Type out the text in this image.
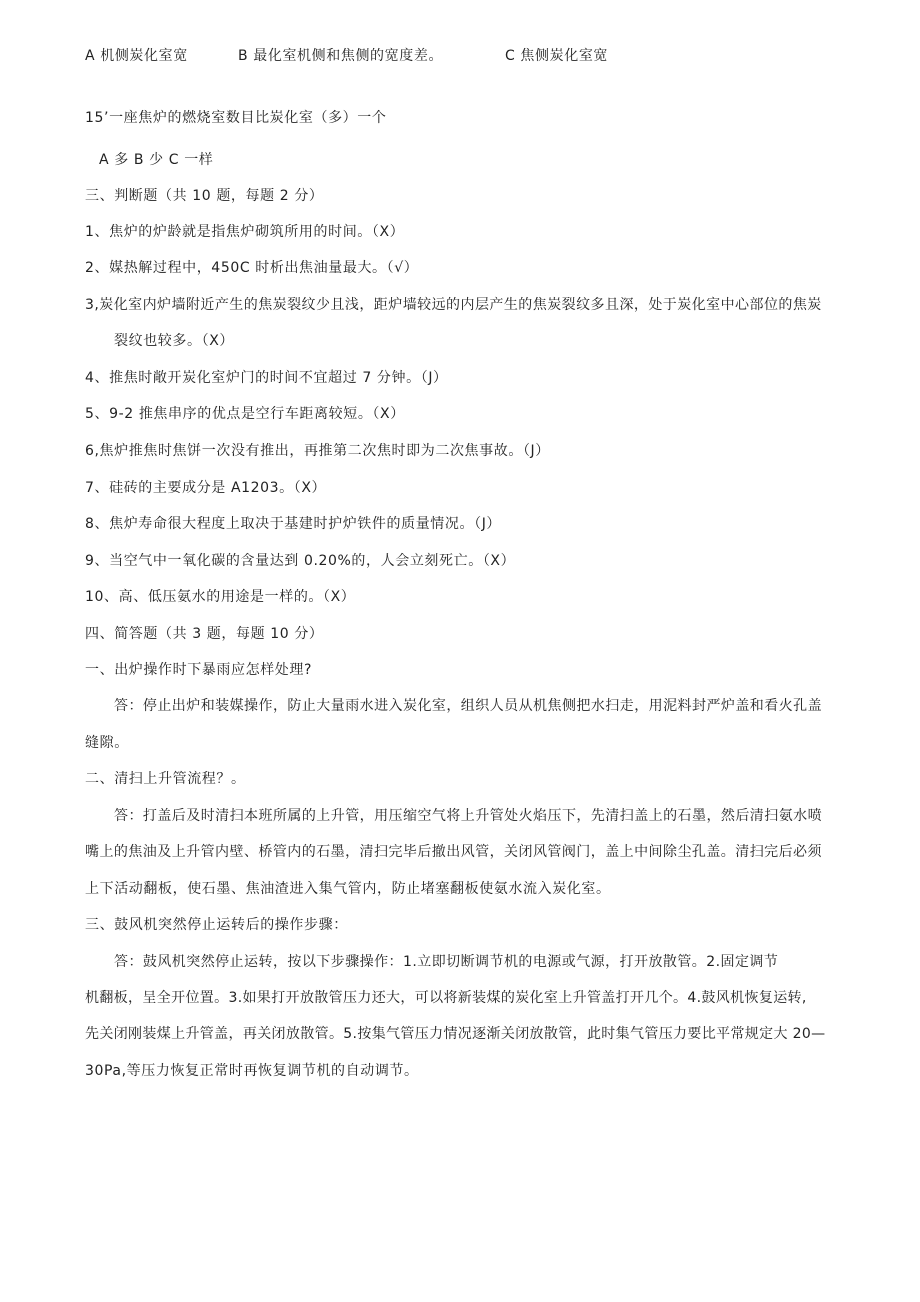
A 机侧炭化室宽	B 最化室机侧和焦侧的宽度差。	C 焦侧炭化室宽
15’一座焦炉的燃烧室数目比炭化室（多）一个
A 多 B 少 C 一样
三、判断题（共 10 题，每题 2 分）
1、焦炉的炉龄就是指焦炉砌筑所用的时间。（X）
2、媒热解过程中，450C 时析出焦油量最大。（√）
3,炭化室内炉墙附近产生的焦炭裂纹少且浅，距炉墙较远的内层产生的焦炭裂纹多且深，处于炭化室中心部位的焦炭
裂纹也较多。（X）
4、推焦时敞开炭化室炉门的时间不宜超过 7 分钟。（J）
5、9-2 推焦串序的优点是空行车距离较短。（X）
6,焦炉推焦时焦饼一次没有推出，再推第二次焦时即为二次焦事故。（J）
7、硅砖的主要成分是 A1203。（X）
8、焦炉寿命很大程度上取决于基建时护炉铁件的质量情况。（J）
9、当空气中一氧化碳的含量达到 0.20%的，人会立刻死亡。（X）
10、高、低压氨水的用途是一样的。（X）
四、简答题（共 3 题，每题 10 分）
一、出炉操作时下暴雨应怎样处理?
答：停止出炉和装媒操作，防止大量雨水进入炭化室，组织人员从机焦侧把水扫走，用泥料封严炉盖和看火孔盖
缝隙。
二、清扫上升管流程？。
答：打盖后及时清扫本班所属的上升管，用压缩空气将上升管处火焰压下，先清扫盖上的石墨，然后清扫氨水喷
嘴上的焦油及上升管内壁、桥管内的石墨，清扫完毕后撤出风管，关闭风管阀门，盖上中间除尘孔盖。清扫完后必须
上下活动翻板，使石墨、焦油渣进入集气管内，防止堵塞翻板使氨水流入炭化室。
三、鼓风机突然停止运转后的操作步骤：
答：鼓风机突然停止运转，按以下步骤操作：1.立即切断调节机的电源或气源，打开放散管。2.固定调节
机翻板，呈全开位置。3.如果打开放散管压力还大，可以将新装煤的炭化室上升管盖打开几个。4.鼓风机恢复运转,
先关闭刚装煤上升管盖，再关闭放散管。5.按集气管压力情况逐渐关闭放散管，此时集气管压力要比平常规定大 20—
30Pa,等压力恢复正常时再恢复调节机的自动调节。
